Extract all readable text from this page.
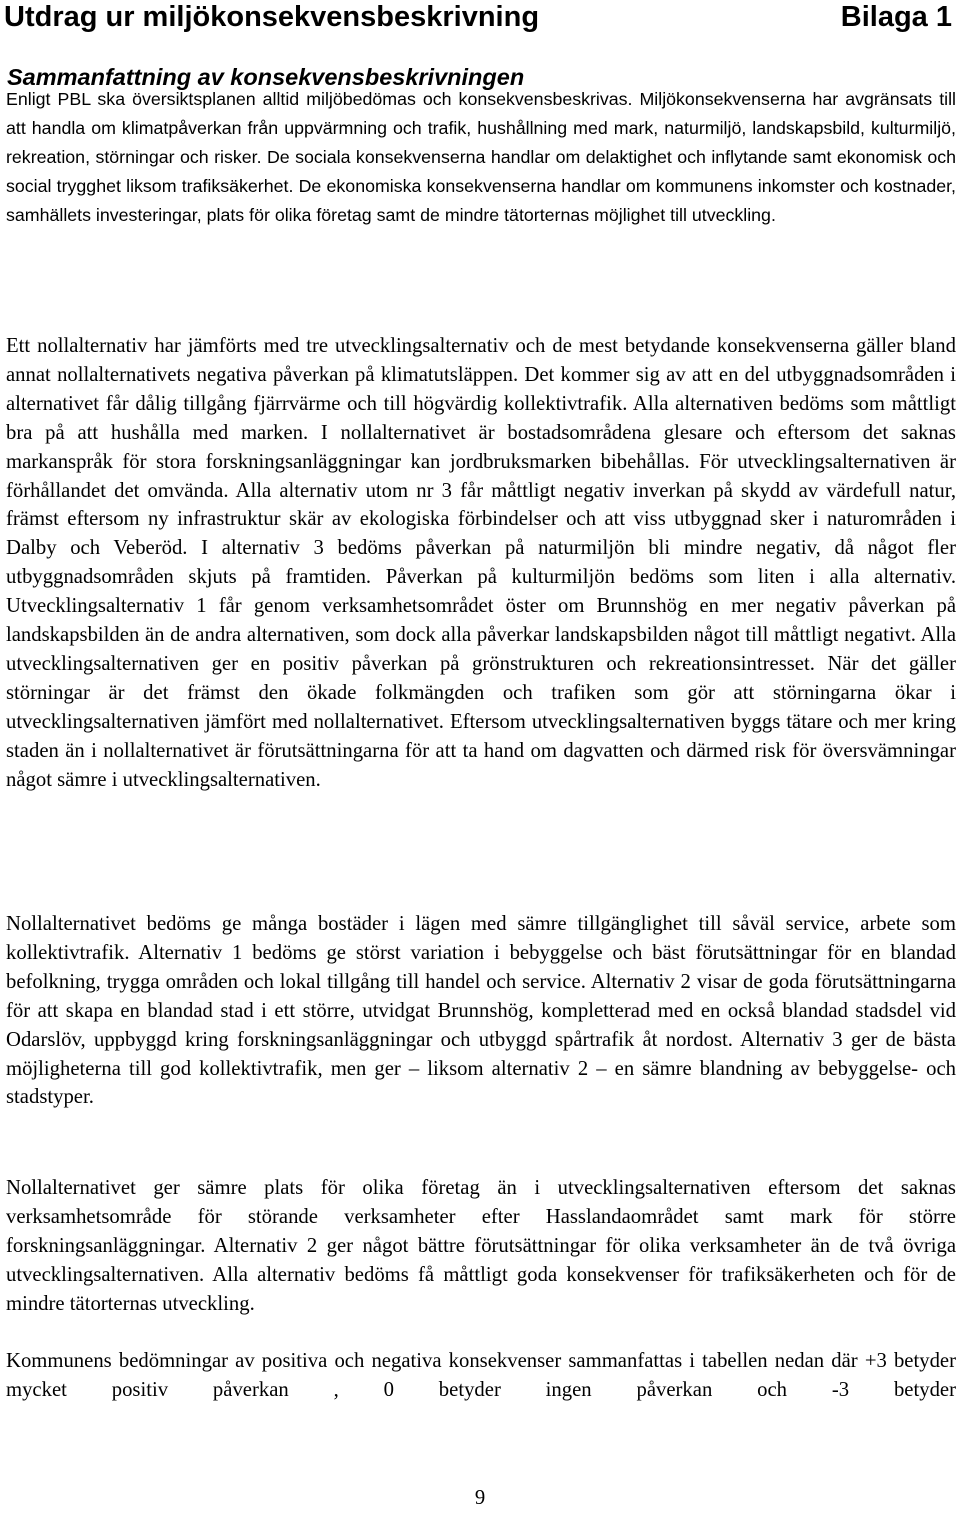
Utdrag ur miljökonsekvensbeskrivning	Bilaga 1
Sammanfattning av konsekvensbeskrivningen
Enligt PBL ska översiktsplanen alltid miljöbedömas och konsekvensbeskrivas. Miljökonsekvenserna har avgränsats till att handla om klimatpåverkan från uppvärmning och trafik, hushållning med mark, naturmiljö, landskapsbild, kulturmiljö, rekreation, störningar och risker. De sociala konsekvenserna handlar om delaktighet och inflytande samt ekonomisk och social trygghet liksom trafiksäkerhet. De ekonomiska konsekvenserna handlar om kommunens inkomster och kostnader, samhällets investeringar, plats för olika företag samt de mindre tätorternas möjlighet till utveckling.
Ett nollalternativ har jämförts med tre utvecklingsalternativ och de mest betydande konsekvenserna gäller bland annat nollalternativets negativa påverkan på klimatutsläppen. Det kommer sig av att en del utbyggnadsområden i alternativet får dålig tillgång fjärrvärme och till högvärdig kollektivtrafik. Alla alternativen bedöms som måttligt bra på att hushålla med marken. I nollalternativet är bostadsområdena glesare och eftersom det saknas markanspråk för stora forskningsanläggningar kan jordbruksmarken bibehållas. För utvecklingsalternativen är förhållandet det omvända. Alla alternativ utom nr 3 får måttligt negativ inverkan på skydd av värdefull natur, främst eftersom ny infrastruktur skär av ekologiska förbindelser och att viss utbyggnad sker i naturområden i Dalby och Veberöd. I alternativ 3 bedöms påverkan på naturmiljön bli mindre negativ, då något fler utbyggnadsområden skjuts på framtiden. Påverkan på kulturmiljön bedöms som liten i alla alternativ. Utvecklingsalternativ 1 får genom verksamhetsområdet öster om Brunnshög en mer negativ påverkan på landskapsbilden än de andra alternativen, som dock alla påverkar landskapsbilden något till måttligt negativt. Alla utvecklingsalternativen ger en positiv påverkan på grönstrukturen och rekreationsintresset. När det gäller störningar är det främst den ökade folkmängden och trafiken som gör att störningarna ökar i utvecklingsalternativen jämfört med nollalternativet. Eftersom utvecklingsalternativen byggs tätare och mer kring staden än i nollalternativet är förutsättningarna för att ta hand om dagvatten och därmed risk för översvämningar något sämre i utvecklingsalternativen.
Nollalternativet bedöms ge många bostäder i lägen med sämre tillgänglighet till såväl service, arbete som kollektivtrafik. Alternativ 1 bedöms ge störst variation i bebyggelse och bäst förutsättningar för en blandad befolkning, trygga områden och lokal tillgång till handel och service. Alternativ 2 visar de goda förutsättningarna för att skapa en blandad stad i ett större, utvidgat Brunnshög, kompletterad med en också blandad stadsdel vid Odarslöv, uppbyggd kring forskningsanläggningar och utbyggd spårtrafik åt nordost. Alternativ 3 ger de bästa möjligheterna till god kollektivtrafik, men ger – liksom alternativ 2 – en sämre blandning av bebyggelse- och stadstyper.
Nollalternativet ger sämre plats för olika företag än i utvecklingsalternativen eftersom det saknas verksamhetsområde för störande verksamheter efter Hasslandaområdet samt mark för större forskningsanläggningar. Alternativ 2 ger något bättre förutsättningar för olika verksamheter än de två övriga utvecklingsalternativen. Alla alternativ bedöms få måttligt goda konsekvenser för trafiksäkerheten och för de mindre tätorternas utveckling.
Kommunens bedömningar av positiva och negativa konsekvenser sammanfattas i tabellen nedan där +3 betyder mycket positiv påverkan , 0 betyder ingen påverkan och -3 betyder
9
